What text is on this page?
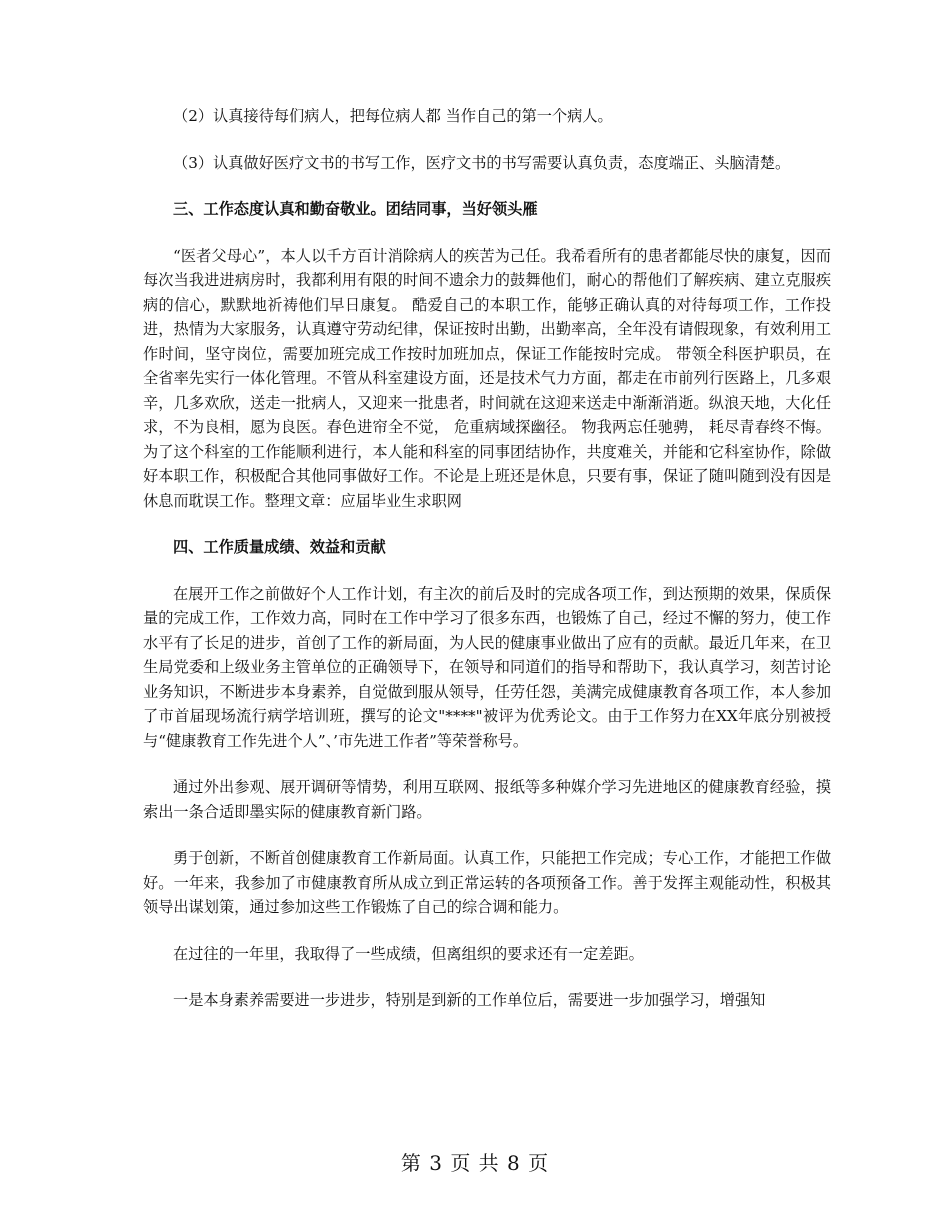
（2）认真接待每们病人，把每位病人都 当作自己的第一个病人。

（3）认真做好医疗文书的书写工作，医疗文书的书写需要认真负责，态度端正、头脑清楚。

三、工作态度认真和勤奋敬业。团结同事，当好领头雁

“医者父母心”，本人以千方百计消除病人的疾苦为己任。我希看所有的患者都能尽快的康复，因而每次当我进进病房时，我都利用有限的时间不遗余力的鼓舞他们，耐心的帮他们了解疾病、建立克服疾病的信心，默默地祈祷他们早日康复。 酷爱自己的本职工作，能够正确认真的对待每项工作，工作投进，热情为大家服务，认真遵守劳动纪律，保证按时出勤，出勤率高，全年没有请假现象，有效利用工作时间，坚守岗位，需要加班完成工作按时加班加点，保证工作能按时完成。 带领全科医护职员，在全省率先实行一体化管理。不管从科室建设方面，还是技术气力方面，都走在市前列行医路上，几多艰辛，几多欢欣，送走一批病人，又迎来一批患者，时间就在这迎来送走中渐渐消逝。纵浪天地，大化任求，不为良相，愿为良医。春色进帘全不觉， 危重病域探幽径。 物我两忘任驰骋， 耗尽青春终不悔。为了这个科室的工作能顺利进行，本人能和科室的同事团结协作，共度难关，并能和它科室协作，除做好本职工作，积极配合其他同事做好工作。不论是上班还是休息，只要有事，保证了随叫随到没有因是休息而耽误工作。整理文章：应届毕业生求职网

四、工作质量成绩、效益和贡献

在展开工作之前做好个人工作计划，有主次的前后及时的完成各项工作，到达预期的效果，保质保量的完成工作，工作效力高，同时在工作中学习了很多东西，也锻炼了自己，经过不懈的努力，使工作水平有了长足的进步，首创了工作的新局面，为人民的健康事业做出了应有的贡献。最近几年来，在卫生局党委和上级业务主管单位的正确领导下，在领导和同道们的指导和帮助下，我认真学习，刻苦讨论业务知识，不断进步本身素养，自觉做到服从领导，任劳任怨，美满完成健康教育各项工作，本人参加了市首届现场流行病学培训班，撰写的论文"****"被评为优秀论文。由于工作努力在XX年底分别被授与“健康教育工作先进个人”、’市先进工作者”等荣誉称号。

通过外出参观、展开调研等情势，利用互联网、报纸等多种媒介学习先进地区的健康教育经验，摸索出一条合适即墨实际的健康教育新门路。

勇于创新，不断首创健康教育工作新局面。认真工作，只能把工作完成；专心工作，才能把工作做好。一年来，我参加了市健康教育所从成立到正常运转的各项预备工作。善于发挥主观能动性，积极其领导出谋划策，通过参加这些工作锻炼了自己的综合调和能力。

在过往的一年里，我取得了一些成绩，但离组织的要求还有一定差距。

一是本身素养需要进一步进步，特别是到新的工作单位后，需要进一步加强学习，增强知

第 3 页 共 8 页
